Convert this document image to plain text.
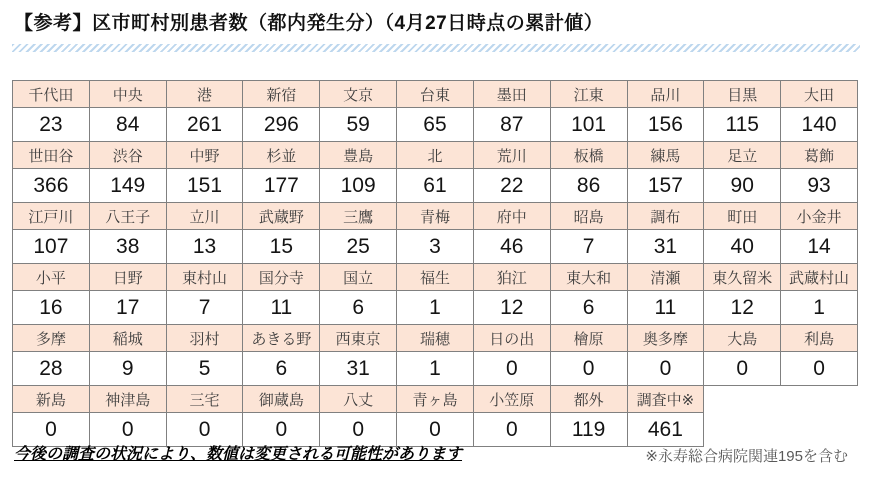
【参考】区市町村別患者数（都内発生分）（4月27日時点の累計値）
千代田	中央	港	新宿	文京	台東	墨田	江東	品川	目黒	大田
23	84	261	296	59	65	87	101	156	115	140
世田谷	渋谷	中野	杉並	豊島	北	荒川	板橋	練馬	足立	葛飾
366	149	151	177	109	61	22	86	157	90	93
江戸川	八王子	立川	武蔵野	三鷹	青梅	府中	昭島	調布	町田	小金井
107	38	13	15	25	3	46	7	31	40	14
小平	日野	東村山	国分寺	国立	福生	狛江	東大和	清瀬	東久留米	武蔵村山
16	17	7	11	6	1	12	6	11	12	1
多摩	稲城	羽村	あきる野	西東京	瑞穂	日の出	檜原	奥多摩	大島	利島
28	9	5	6	31	1	0	0	0	0	0
新島	神津島	三宅	御蔵島	八丈	青ヶ島	小笠原	都外	調査中※		
0	0	0	0	0	0	0	119	461		
今後の調査の状況により、数値は変更される可能性があります	※永寿総合病院関連195を含む
